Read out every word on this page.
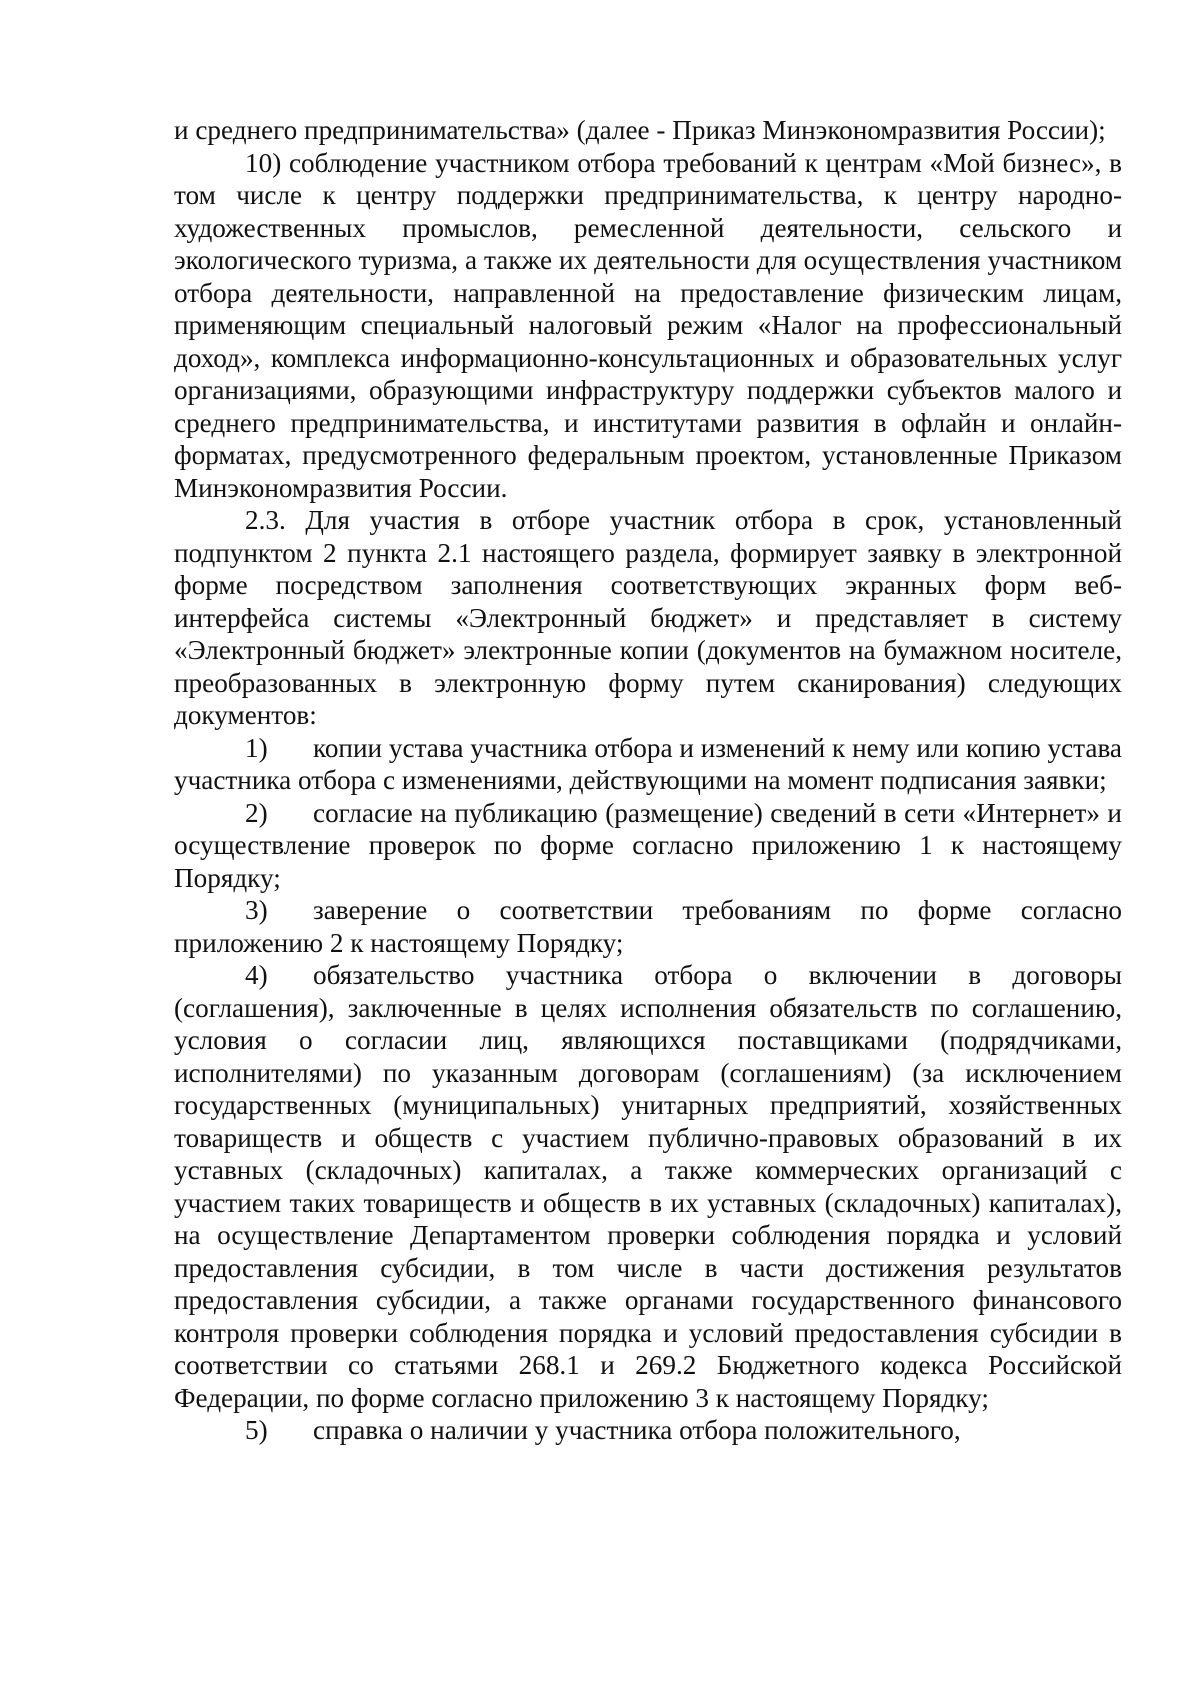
и среднего предпринимательства» (далее - Приказ Минэкономразвития России);

10) соблюдение участником отбора требований к центрам «Мой бизнес», в том числе к центру поддержки предпринимательства, к центру народно-художественных промыслов, ремесленной деятельности, сельского и экологического туризма, а также их деятельности для осуществления участником отбора деятельности, направленной на предоставление физическим лицам, применяющим специальный налоговый режим «Налог на профессиональный доход», комплекса информационно-консультационных и образовательных услуг организациями, образующими инфраструктуру поддержки субъектов малого и среднего предпринимательства, и институтами развития в офлайн и онлайн-форматах, предусмотренного федеральным проектом, установленные Приказом Минэкономразвития России.

2.3. Для участия в отборе участник отбора в срок, установленный подпунктом 2 пункта 2.1 настоящего раздела, формирует заявку в электронной форме посредством заполнения соответствующих экранных форм веб-интерфейса системы «Электронный бюджет» и представляет в систему «Электронный бюджет» электронные копии (документов на бумажном носителе, преобразованных в электронную форму путем сканирования) следующих документов:

1) копии устава участника отбора и изменений к нему или копию устава участника отбора с изменениями, действующими на момент подписания заявки;

2) согласие на публикацию (размещение) сведений в сети «Интернет» и осуществление проверок по форме согласно приложению 1 к настоящему Порядку;

3) заверение о соответствии требованиям по форме согласно приложению 2 к настоящему Порядку;

4) обязательство участника отбора о включении в договоры (соглашения), заключенные в целях исполнения обязательств по соглашению, условия о согласии лиц, являющихся поставщиками (подрядчиками, исполнителями) по указанным договорам (соглашениям) (за исключением государственных (муниципальных) унитарных предприятий, хозяйственных товариществ и обществ с участием публично-правовых образований в их уставных (складочных) капиталах, а также коммерческих организаций с участием таких товариществ и обществ в их уставных (складочных) капиталах), на осуществление Департаментом проверки соблюдения порядка и условий предоставления субсидии, в том числе в части достижения результатов предоставления субсидии, а также органами государственного финансового контроля проверки соблюдения порядка и условий предоставления субсидии в соответствии со статьями 268.1 и 269.2 Бюджетного кодекса Российской Федерации, по форме согласно приложению 3 к настоящему Порядку;

5) справка о наличии у участника отбора положительного,
